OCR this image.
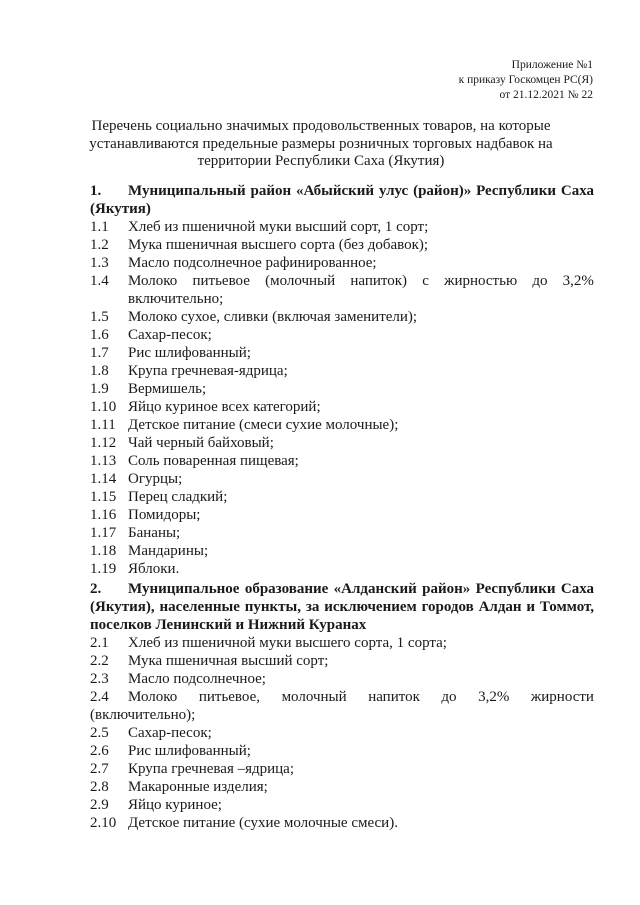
Приложение №1
к приказу Госкомцен РС(Я)
от 21.12.2021 № 22
Перечень социально значимых продовольственных товаров, на которые
устанавливаются предельные размеры розничных торговых надбавок на
территории Республики Саха (Якутия)
1. Муниципальный район «Абыйский улус (район)» Республики Саха (Якутия)
1.1	Хлеб из пшеничной муки высший сорт, 1 сорт;
1.2	Мука пшеничная высшего сорта (без добавок);
1.3	Масло подсолнечное рафинированное;
1.4	Молоко питьевое (молочный напиток) с жирностью до 3,2%
включительно;
1.5	Молоко сухое, сливки (включая заменители);
1.6	Сахар-песок;
1.7	Рис шлифованный;
1.8	Крупа гречневая-ядрица;
1.9	Вермишель;
1.10 Яйцо куриное всех категорий;
1.11 Детское питание (смеси сухие молочные);
1.12 Чай черный байховый;
1.13 Соль поваренная пищевая;
1.14 Огурцы;
1.15 Перец сладкий;
1.16 Помидоры;
1.17 Бананы;
1.18 Мандарины;
1.19 Яблоки.
2. Муниципальное образование «Алданский район» Республики Саха (Якутия), населенные пункты, за исключением городов Алдан и Томмот, поселков Ленинский и Нижний Куранах
2.1	Хлеб из пшеничной муки высшего сорта, 1 сорта;
2.2	Мука пшеничная высший сорт;
2.3	Масло подсолнечное;
2.4	Молоко питьевое, молочный напиток до 3,2% жирности
(включительно);
2.5	Сахар-песок;
2.6	Рис шлифованный;
2.7	Крупа гречневая –ядрица;
2.8	Макаронные изделия;
2.9	Яйцо куриное;
2.10 Детское питание (сухие молочные смеси).
